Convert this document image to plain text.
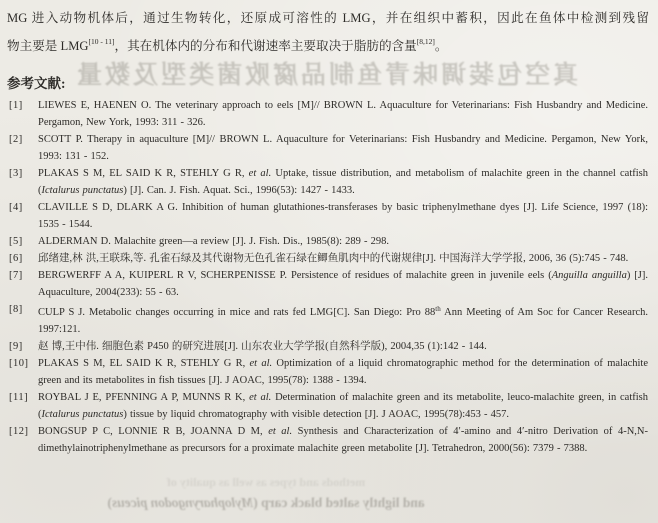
真空包装调味青鱼制品腐败菌类型及数量

MG 进入动物机体后，通过生物转化，还原成可溶性的 LMG，并在组织中蓄积，因此在鱼体中检测到残留
物主要是 LMG[10 - 11]，其在机体内的分布和代谢速率主要取决于脂肪的含量[8,12]。

参考文献:
[1]	LIEWES E, HAENEN O. The veterinary approach to eels [M]// BROWN L. Aquaculture for Veterinarians: Fish Husbandry and Medicine. Pergamon, New York, 1993: 311 - 326.
[2]	SCOTT P. Therapy in aquaculture [M]// BROWN L. Aquaculture for Veterinarians: Fish Husbandry and Medicine. Pergamon, New York, 1993: 131 - 152.
[3]	PLAKAS S M, EL SAID K R, STEHLY G R, et al. Uptake, tissue distribution, and metabolism of malachite green in the channel catfish (Ictalurus punctatus) [J]. Can. J. Fish. Aquat. Sci., 1996(53): 1427 - 1433.
[4]	CLAVILLE S D, DLARK A G. Inhibition of human glutathiones-transferases by basic triphenylmethane dyes [J]. Life Science, 1997 (18): 1535 - 1544.
[5]	ALDERMAN D. Malachite green—a review [J]. J. Fish. Dis., 1985(8): 289 - 298.
[6]	邱绪建,林 洪,王联珠,等. 孔雀石绿及其代谢物无色孔雀石绿在鲫鱼肌肉中的代谢规律[J]. 中国海洋大学学报, 2006, 36 (5):745 - 748.
[7]	BERGWERFF A A, KUIPERL R V, SCHERPENISSE P. Persistence of residues of malachite green in juvenile eels (Anguilla anguilla) [J]. Aquaculture, 2004(233): 55 - 63.
[8]	CULP S J. Metabolic changes occurring in mice and rats fed LMG[C]. San Diego: Pro 88th Ann Meeting of Am Soc for Cancer Research. 1997:121.
[9]	赵 博,王中伟. 细胞色素 P450 的研究进展[J]. 山东农业大学学报(自然科学版), 2004,35 (1):142 - 144.
[10] PLAKAS S M, EL SAID K R, STEHLY G R, et al. Optimization of a liquid chromatographic method for the determination of malachite green and its metabolites in fish tissues [J]. J AOAC, 1995(78): 1388 - 1394.
[11] ROYBAL J E, PFENNING A P, MUNNS R K, et al. Determination of malachite green and its metabolite, leuco-malachite green, in catfish (Ictalurus punctatus) tissue by liquid chromatography with visible detection [J]. J AOAC, 1995(78):453 - 457.
[12] BONGSUP P C, LONNIE R B, JOANNA D M, et al. Synthesis and Characterization of 4′-amino and 4′-nitro Derivation of 4-N,N-dimethylainotriphenylmethane as precursors for a proximate malachite green metabolite [J]. Tetrahedron, 2000(56): 7379 - 7388.
methods and types as well as quality of
and lightly salted black carp (Mylopharyngodon piceus)
